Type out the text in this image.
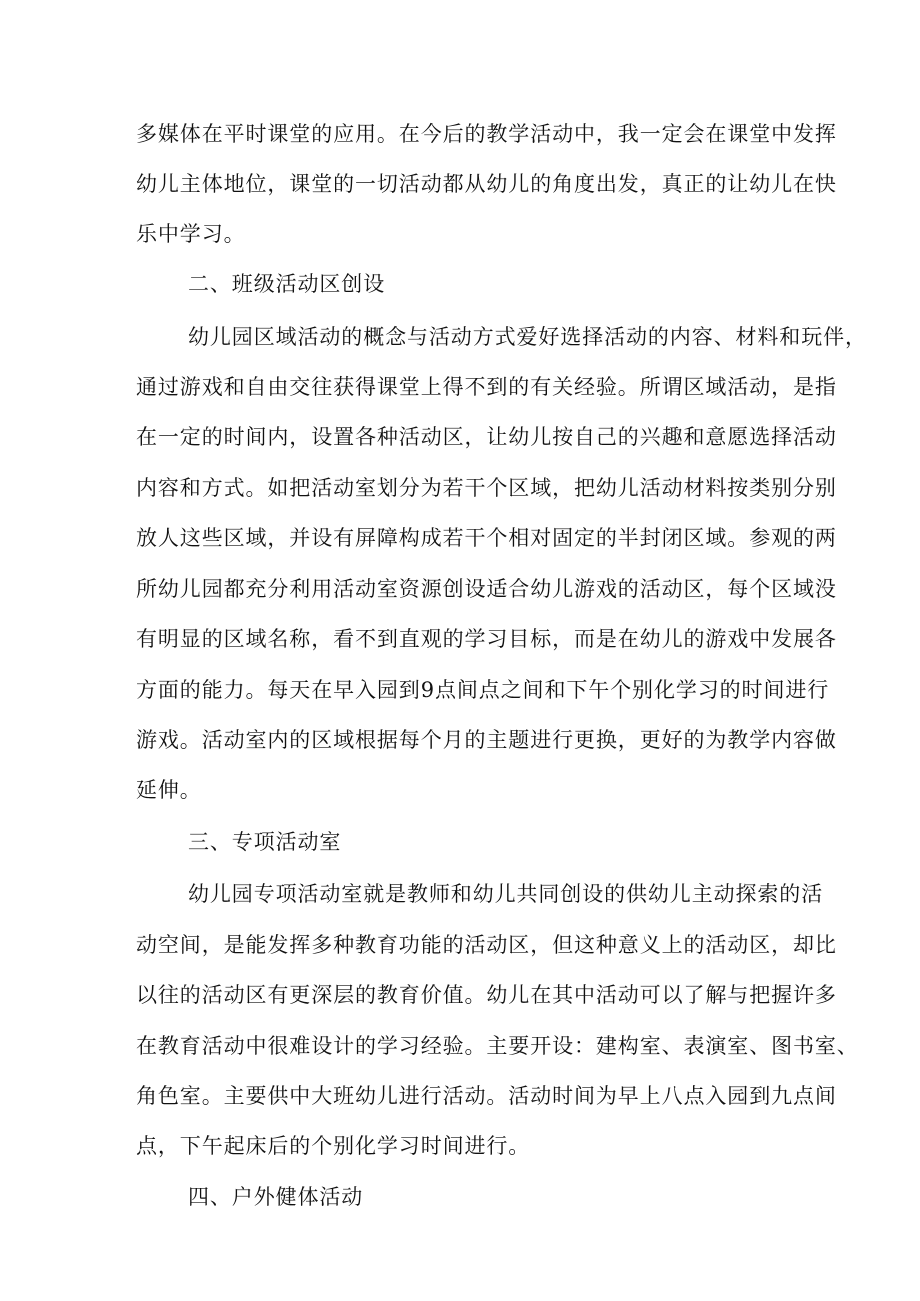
多媒体在平时课堂的应用。在今后的教学活动中，我一定会在课堂中发挥
幼儿主体地位，课堂的一切活动都从幼儿的角度出发，真正的让幼儿在快
乐中学习。
二、班级活动区创设
幼儿园区域活动的概念与活动方式爱好选择活动的内容、材料和玩伴，
通过游戏和自由交往获得课堂上得不到的有关经验。所谓区域活动，是指
在一定的时间内，设置各种活动区，让幼儿按自己的兴趣和意愿选择活动
内容和方式。如把活动室划分为若干个区域，把幼儿活动材料按类别分别
放人这些区域，并设有屏障构成若干个相对固定的半封闭区域。参观的两
所幼儿园都充分利用活动室资源创设适合幼儿游戏的活动区，每个区域没
有明显的区域名称，看不到直观的学习目标，而是在幼儿的游戏中发展各
方面的能力。每天在早入园到9点间点之间和下午个别化学习的时间进行
游戏。活动室内的区域根据每个月的主题进行更换，更好的为教学内容做
延伸。
三、专项活动室
幼儿园专项活动室就是教师和幼儿共同创设的供幼儿主动探索的活
动空间，是能发挥多种教育功能的活动区，但这种意义上的活动区，却比
以往的活动区有更深层的教育价值。幼儿在其中活动可以了解与把握许多
在教育活动中很难设计的学习经验。主要开设：建构室、表演室、图书室、
角色室。主要供中大班幼儿进行活动。活动时间为早上八点入园到九点间
点，下午起床后的个别化学习时间进行。
四、户外健体活动
